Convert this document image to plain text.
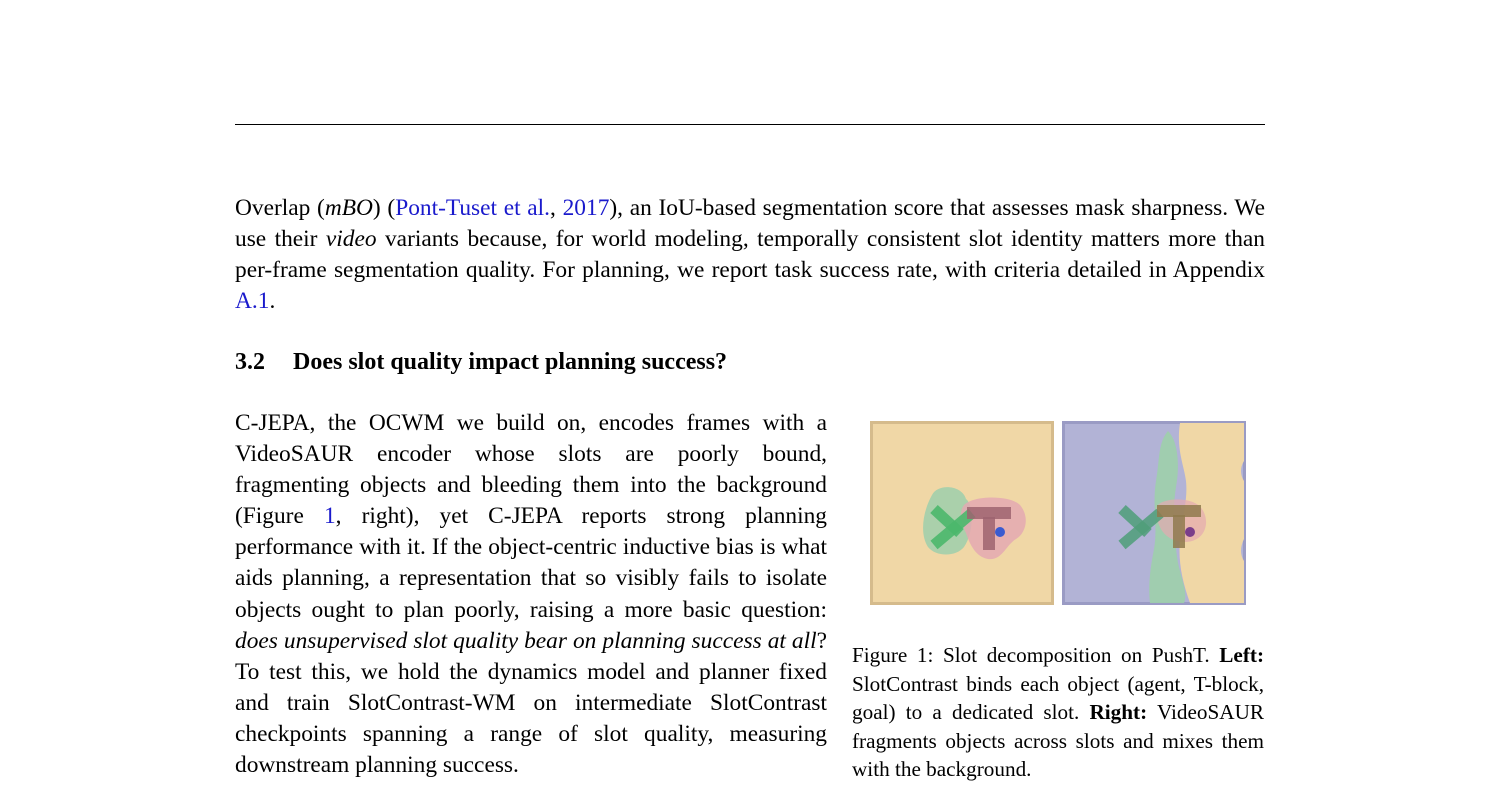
Overlap (mBO) (Pont-Tuset et al., 2017), an IoU-based segmentation score that assesses mask sharpness. We use their video variants because, for world modeling, temporally consistent slot identity matters more than per-frame segmentation quality. For planning, we report task success rate, with criteria detailed in Appendix A.1.

3.2 Does slot quality impact planning success?

C-JEPA, the OCWM we build on, encodes frames with a VideoSAUR encoder whose slots are poorly bound, fragmenting objects and bleeding them into the background (Figure 1, right), yet C-JEPA reports strong planning performance with it. If the object-centric inductive bias is what aids planning, a representation that so visibly fails to isolate objects ought to plan poorly, raising a more basic question: does unsupervised slot quality bear on planning success at all? To test this, we hold the dynamics model and planner fixed and train SlotContrast-WM on intermediate SlotContrast checkpoints spanning a range of slot quality, measuring downstream planning success.

Figure 1: Slot decomposition on PushT. Left: SlotContrast binds each object (agent, T-block, goal) to a dedicated slot. Right: VideoSAUR fragments objects across slots and mixes them with the background.
